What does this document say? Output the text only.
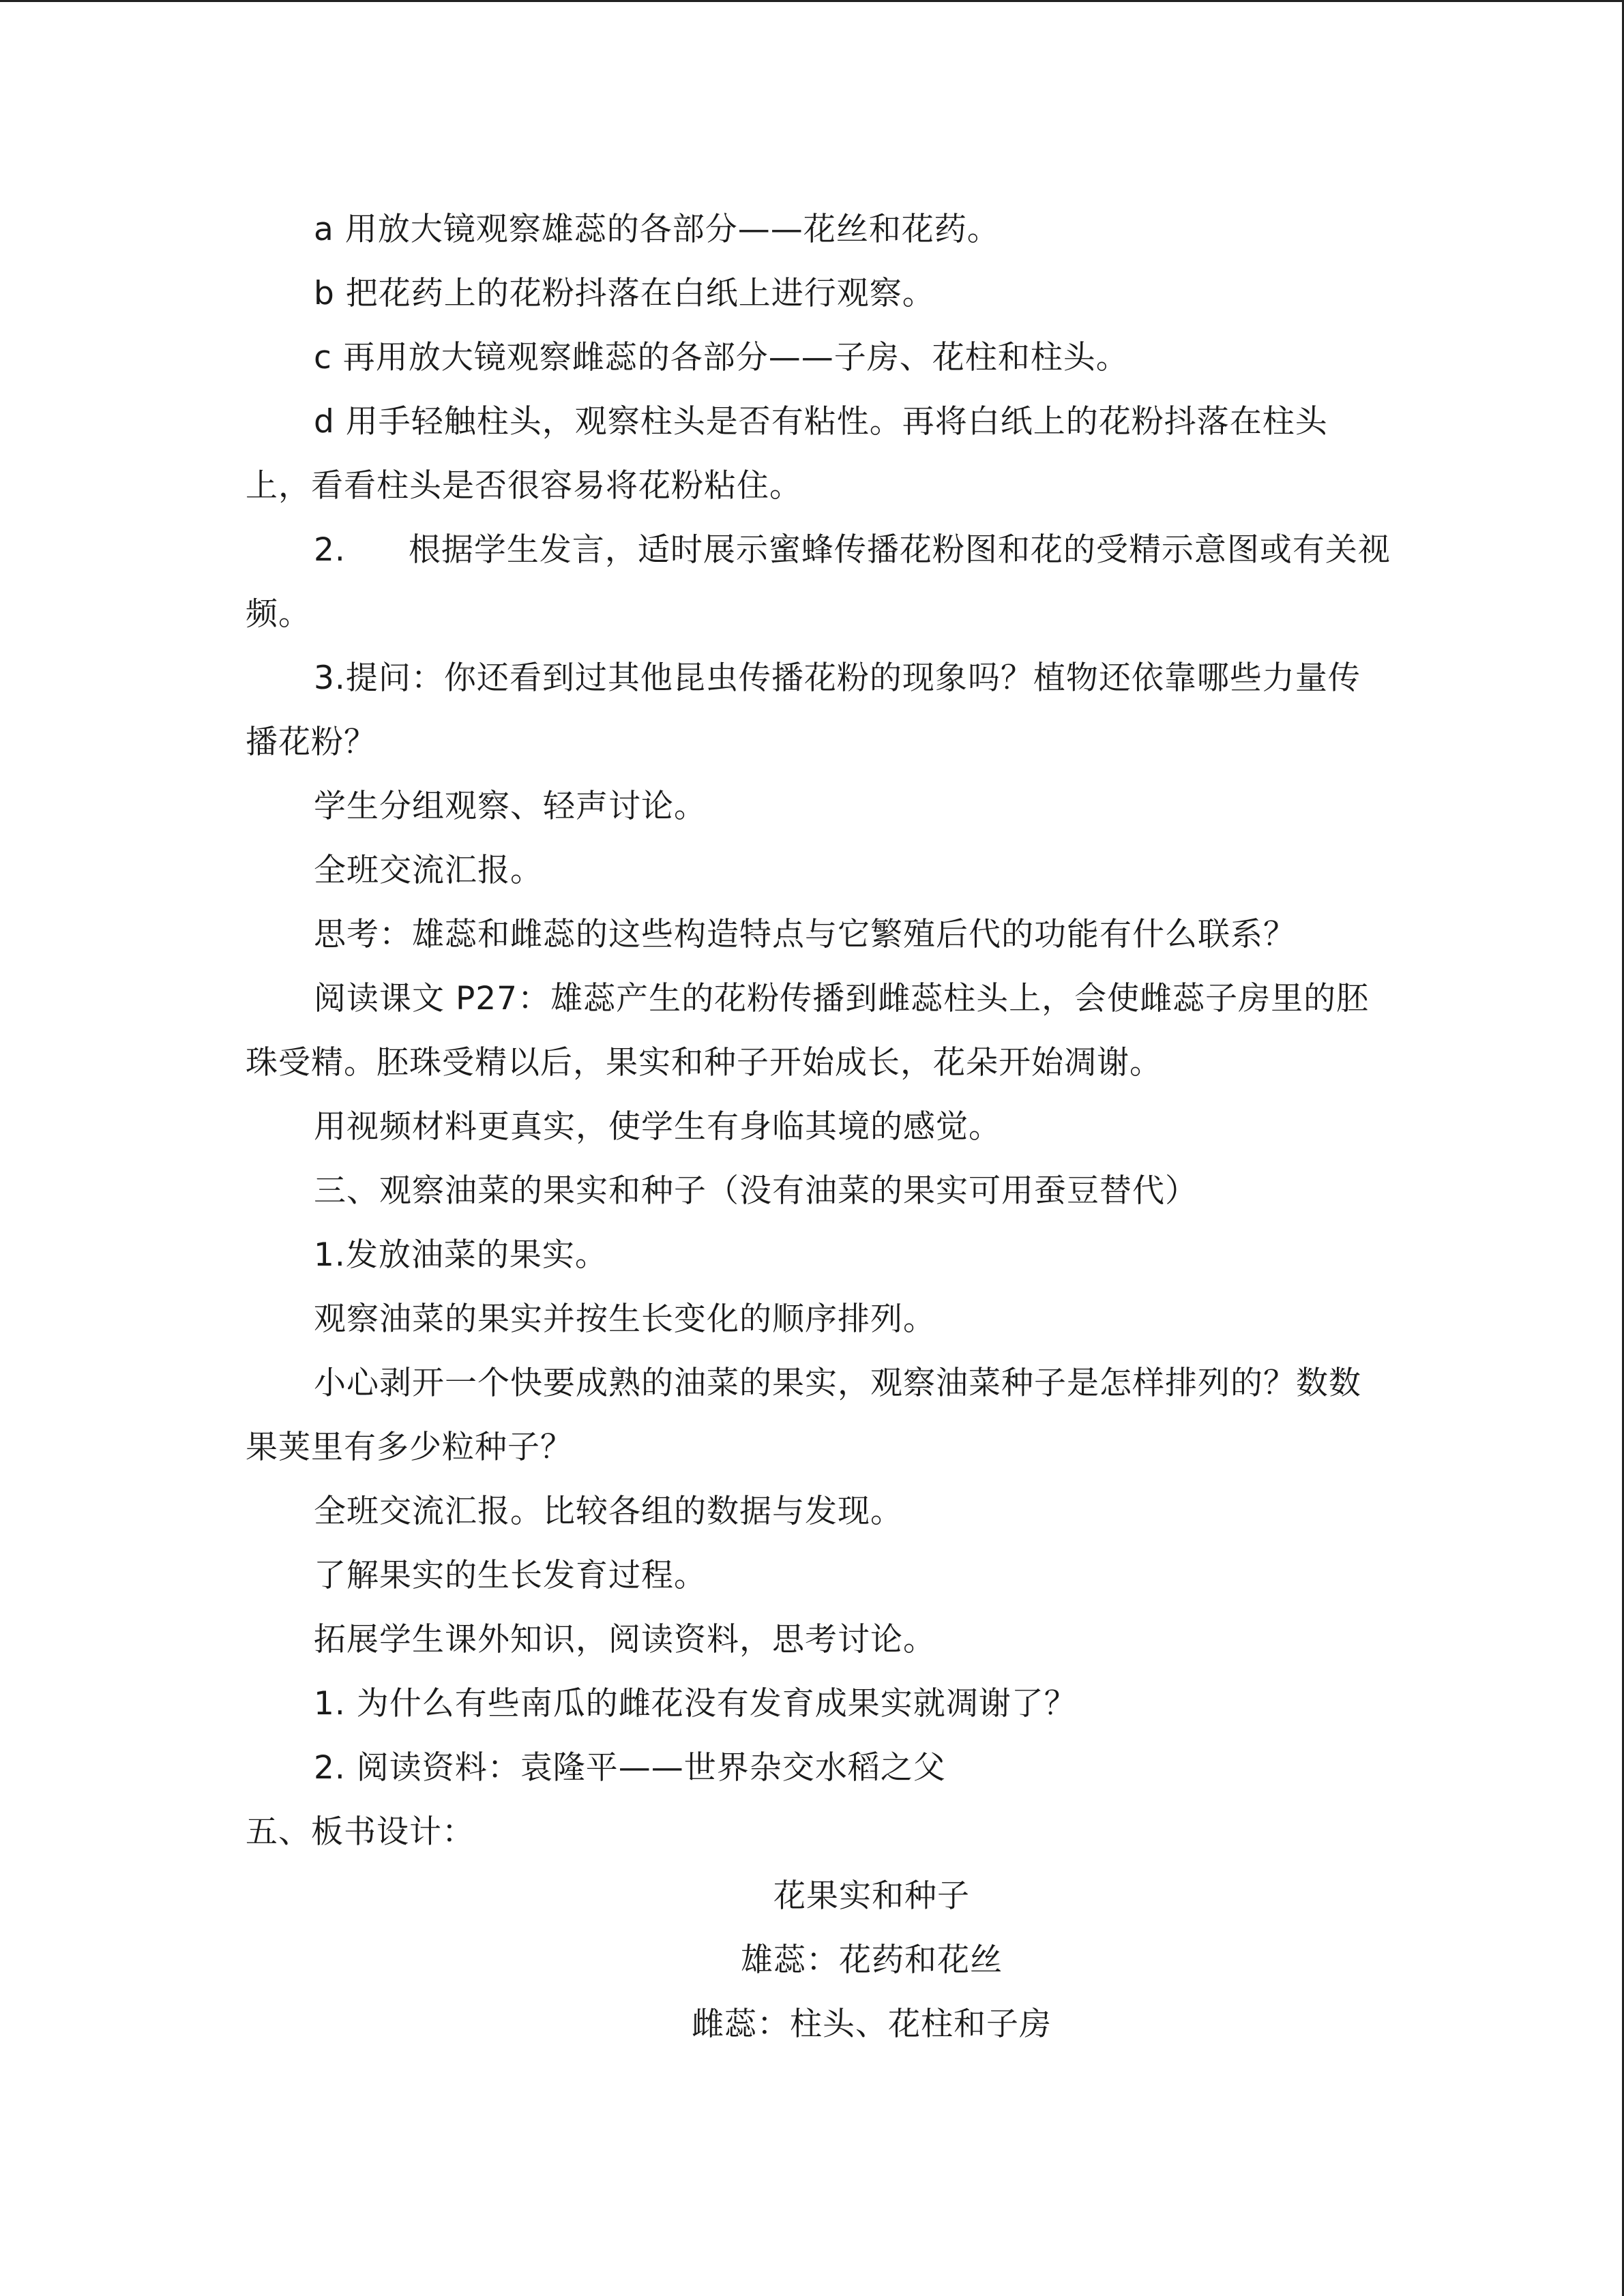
a 用放大镜观察雄蕊的各部分——花丝和花药。
b 把花药上的花粉抖落在白纸上进行观察。
c 再用放大镜观察雌蕊的各部分——子房、花柱和柱头。
d 用手轻触柱头，观察柱头是否有粘性。再将白纸上的花粉抖落在柱头
上，看看柱头是否很容易将花粉粘住。
2. 根据学生发言，适时展示蜜蜂传播花粉图和花的受精示意图或有关视
频。
3.提问：你还看到过其他昆虫传播花粉的现象吗？植物还依靠哪些力量传
播花粉？
学生分组观察、轻声讨论。
全班交流汇报。
思考：雄蕊和雌蕊的这些构造特点与它繁殖后代的功能有什么联系？
阅读课文 P27：雄蕊产生的花粉传播到雌蕊柱头上，会使雌蕊子房里的胚
珠受精。胚珠受精以后，果实和种子开始成长，花朵开始凋谢。
用视频材料更真实，使学生有身临其境的感觉。
三、观察油菜的果实和种子（没有油菜的果实可用蚕豆替代）
1.发放油菜的果实。
观察油菜的果实并按生长变化的顺序排列。
小心剥开一个快要成熟的油菜的果实，观察油菜种子是怎样排列的？数数
果荚里有多少粒种子？
全班交流汇报。比较各组的数据与发现。
了解果实的生长发育过程。
拓展学生课外知识，阅读资料，思考讨论。
1. 为什么有些南瓜的雌花没有发育成果实就凋谢了？
2. 阅读资料：袁隆平——世界杂交水稻之父
五、板书设计：
花果实和种子
雄蕊：花药和花丝
雌蕊：柱头、花柱和子房
